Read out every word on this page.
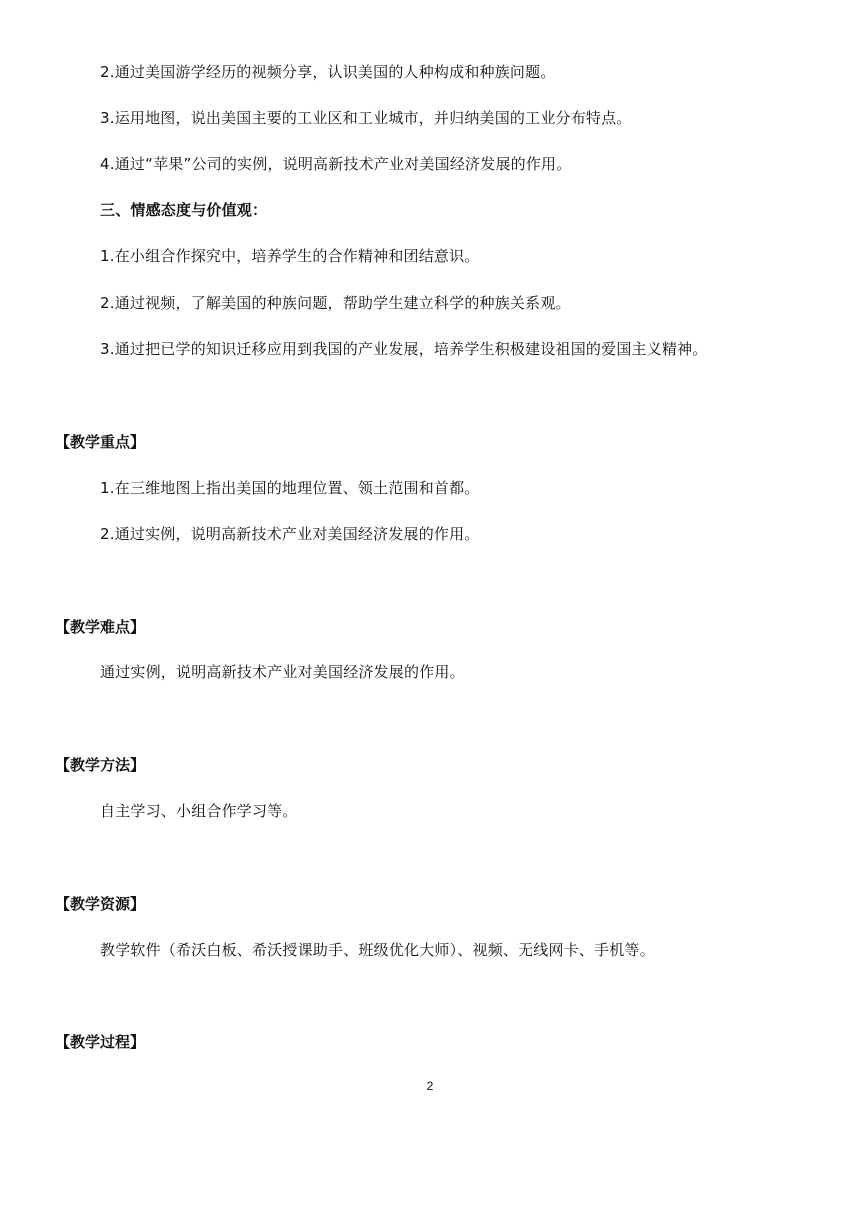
2.通过美国游学经历的视频分享，认识美国的人种构成和种族问题。
3.运用地图，说出美国主要的工业区和工业城市，并归纳美国的工业分布特点。
4.通过“苹果”公司的实例，说明高新技术产业对美国经济发展的作用。
三、情感态度与价值观：
1.在小组合作探究中，培养学生的合作精神和团结意识。
2.通过视频，了解美国的种族问题，帮助学生建立科学的种族关系观。
3.通过把已学的知识迁移应用到我国的产业发展，培养学生积极建设祖国的爱国主义精神。
【教学重点】
1.在三维地图上指出美国的地理位置、领土范围和首都。
2.通过实例，说明高新技术产业对美国经济发展的作用。
【教学难点】
通过实例，说明高新技术产业对美国经济发展的作用。
【教学方法】
自主学习、小组合作学习等。
【教学资源】
教学软件（希沃白板、希沃授课助手、班级优化大师）、视频、无线网卡、手机等。
【教学过程】
2
